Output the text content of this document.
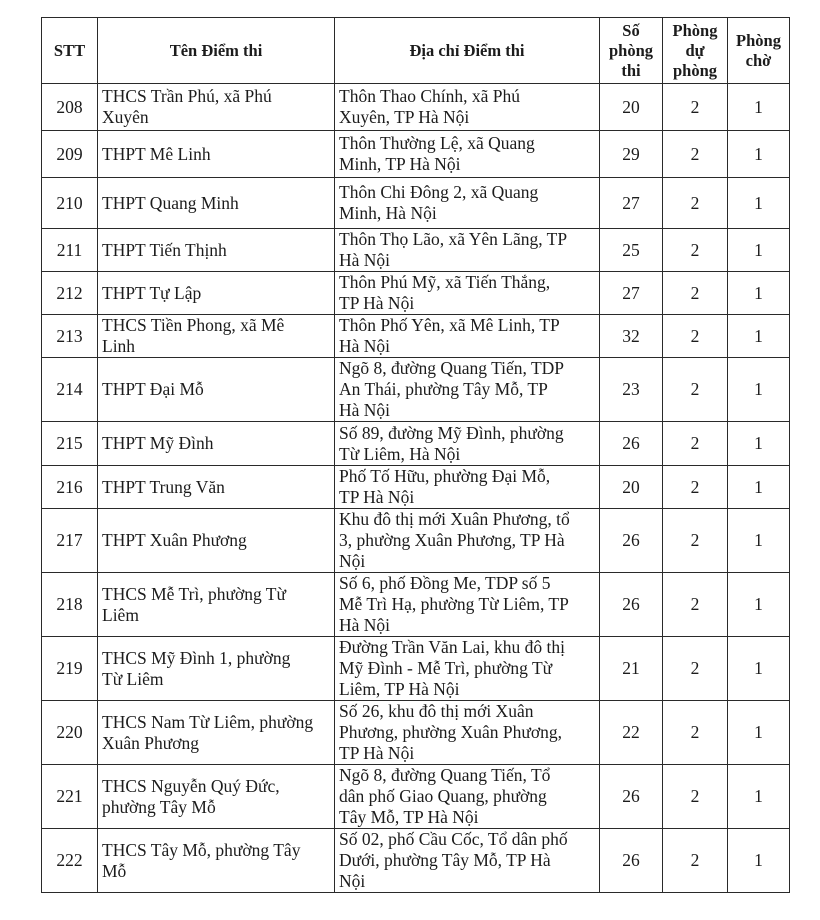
STT	Tên Điểm thi	Địa chỉ Điểm thi	Số
phòng
thi	Phòng
dự
phòng	Phòng
chờ
208	THCS Trần Phú, xã Phú
Xuyên	Thôn Thao Chính, xã Phú
Xuyên, TP Hà Nội	20	2	1
209	THPT Mê Linh	Thôn Thường Lệ, xã Quang
Minh, TP Hà Nội	29	2	1
210	THPT Quang Minh	Thôn Chi Đông 2, xã Quang
Minh, Hà Nội	27	2	1
211	THPT Tiến Thịnh	Thôn Thọ Lão, xã Yên Lãng, TP
Hà Nội	25	2	1
212	THPT Tự Lập	Thôn Phú Mỹ, xã Tiến Thắng,
TP Hà Nội	27	2	1
213	THCS Tiền Phong, xã Mê
Linh	Thôn Phố Yên, xã Mê Linh, TP
Hà Nội	32	2	1
214	THPT Đại Mỗ	Ngõ 8, đường Quang Tiến, TDP
An Thái, phường Tây Mỗ, TP
Hà Nội	23	2	1
215	THPT Mỹ Đình	Số 89, đường Mỹ Đình, phường
Từ Liêm, Hà Nội	26	2	1
216	THPT Trung Văn	Phố Tố Hữu, phường Đại Mỗ,
TP Hà Nội	20	2	1
217	THPT Xuân Phương	Khu đô thị mới Xuân Phương, tổ
3, phường Xuân Phương, TP Hà
Nội	26	2	1
218	THCS Mễ Trì, phường Từ
Liêm	Số 6, phố Đồng Me, TDP số 5
Mễ Trì Hạ, phường Từ Liêm, TP
Hà Nội	26	2	1
219	THCS Mỹ Đình 1, phường
Từ Liêm	Đường Trần Văn Lai, khu đô thị
Mỹ Đình - Mễ Trì, phường Từ
Liêm, TP Hà Nội	21	2	1
220	THCS Nam Từ Liêm, phường
Xuân Phương	Số 26, khu đô thị mới Xuân
Phương, phường Xuân Phương,
TP Hà Nội	22	2	1
221	THCS Nguyễn Quý Đức,
phường Tây Mỗ	Ngõ 8, đường Quang Tiến, Tổ
dân phố Giao Quang, phường
Tây Mỗ, TP Hà Nội	26	2	1
222	THCS Tây Mỗ, phường Tây
Mỗ	Số 02, phố Cầu Cốc, Tổ dân phố
Dưới, phường Tây Mỗ, TP Hà
Nội	26	2	1
